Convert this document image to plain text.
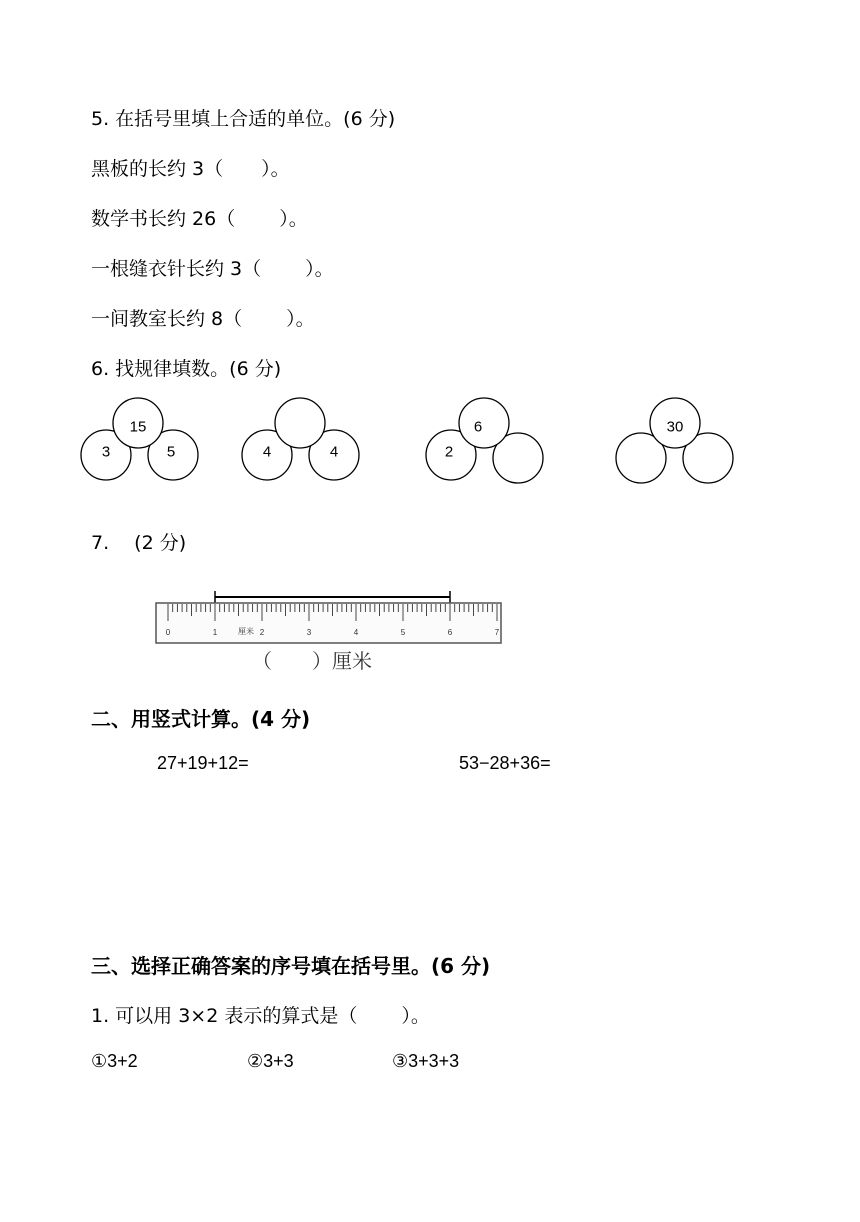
5. 在括号里填上合适的单位。(6 分)
黑板的长约 3（　　）。
数学书长约 26（　　 ）。
一根缝衣针长约 3（　　 ）。
一间教室长约 8（　　 ）。
6. 找规律填数。(6 分)
3	5
15
4	4	2
6	30
0	1	2	3	4	5	6	7
厘米
7. 　(2 分)
（　　）厘米
二、用竖式计算。(4 分)
27+19+12=	53−28+36=
三、选择正确答案的序号填在括号里。(6 分)
1. 可以用 3×2 表示的算式是（　　 ）。
①3+2	②3+3	③3+3+3
